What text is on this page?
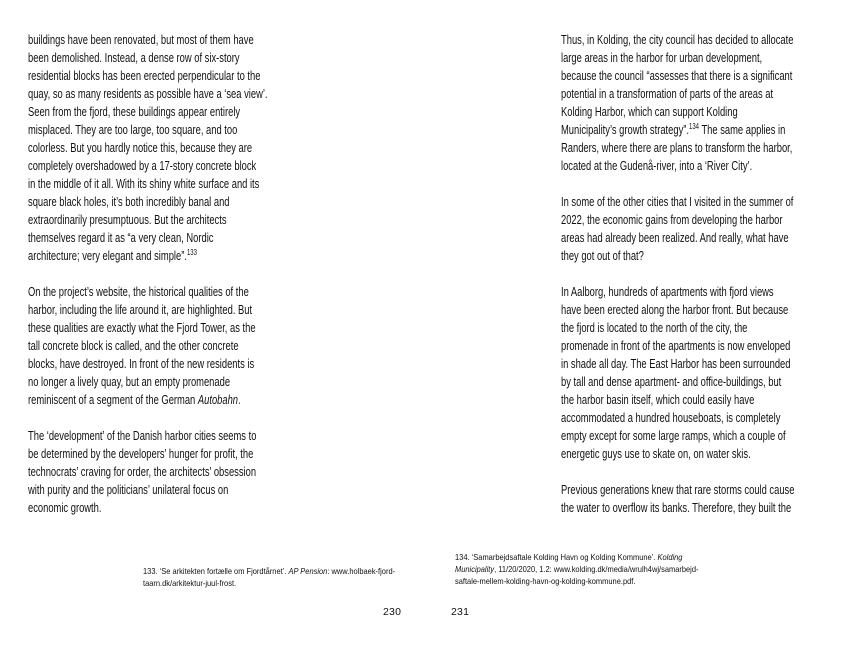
buildings have been renovated, but most of them have
been demolished. Instead, a dense row of six-story
residential blocks has been erected perpendicular to the
quay, so as many residents as possible have a ‘sea view’.
Seen from the fjord, these buildings appear entirely
misplaced. They are too large, too square, and too
colorless. But you hardly notice this, because they are
completely overshadowed by a 17-story concrete block
in the middle of it all. With its shiny white surface and its
square black holes, it’s both incredibly banal and
extraordinarily presumptuous. But the architects
themselves regard it as “a very clean, Nordic
architecture; very elegant and simple”.$^{133}$

On the project’s website, the historical qualities of the
harbor, including the life around it, are highlighted. But
these qualities are exactly what the Fjord Tower, as the
tall concrete block is called, and the other concrete
blocks, have destroyed. In front of the new residents is
no longer a lively quay, but an empty promenade
reminiscent of a segment of the German Autobahn.

The ‘development’ of the Danish harbor cities seems to
be determined by the developers’ hunger for profit, the
technocrats’ craving for order, the architects’ obsession
with purity and the politicians’ unilateral focus on
economic growth.

133. ‘Se arkitekten fortælle om Fjordtårnet’. AP Pension: www.holbaek-fjord-
taarn.dk/arkitektur-juul-frost.
230

Thus, in Kolding, the city council has decided to allocate
large areas in the harbor for urban development,
because the council “assesses that there is a significant
potential in a transformation of parts of the areas at
Kolding Harbor, which can support Kolding
Municipality’s growth strategy”.$^{134}$ The same applies in
Randers, where there are plans to transform the harbor,
located at the Gudenå-river, into a ‘River City’.

In some of the other cities that I visited in the summer of
2022, the economic gains from developing the harbor
areas had already been realized. And really, what have
they got out of that?

In Aalborg, hundreds of apartments with fjord views
have been erected along the harbor front. But because
the fjord is located to the north of the city, the
promenade in front of the apartments is now enveloped
in shade all day. The East Harbor has been surrounded
by tall and dense apartment- and office-buildings, but
the harbor basin itself, which could easily have
accommodated a hundred houseboats, is completely
empty except for some large ramps, which a couple of
energetic guys use to skate on, on water skis.

Previous generations knew that rare storms could cause
the water to overflow its banks. Therefore, they built the

134. ‘Samarbejdsaftale Kolding Havn og Kolding Kommune’. Kolding
Municipality, 11/20/2020, 1.2: www.kolding.dk/media/wrulh4wj/samarbejd-
saftale-mellem-kolding-havn-og-kolding-kommune.pdf.
231
